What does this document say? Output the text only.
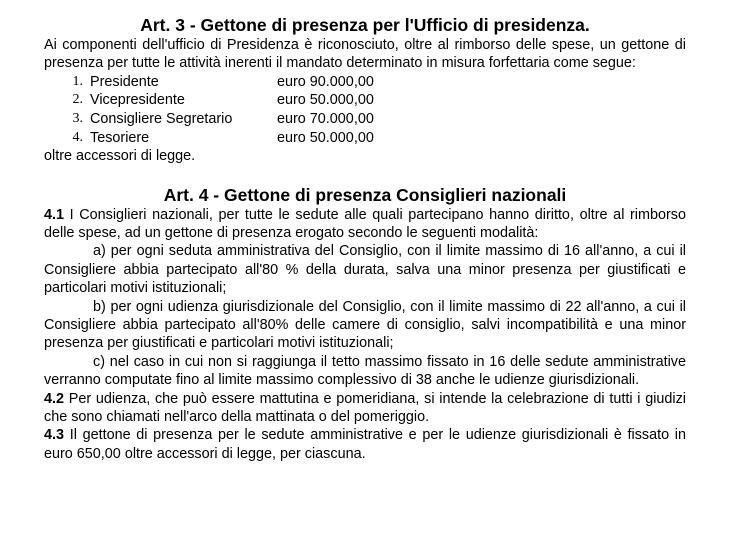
Art. 3 - Gettone di presenza per l'Ufficio di presidenza.

Ai componenti dell'ufficio di Presidenza è riconosciuto, oltre al rimborso delle spese, un gettone di presenza per tutte le attività inerenti il mandato determinato in misura forfettaria come segue:

1. Presidente	euro 90.000,00
2. Vicepresidente	euro 50.000,00
3. Consigliere Segretario	euro 70.000,00
4. Tesoriere	euro 50.000,00

oltre accessori di legge.

Art. 4 - Gettone di presenza Consiglieri nazionali

4.1 I Consiglieri nazionali, per tutte le sedute alle quali partecipano hanno diritto, oltre al rimborso delle spese, ad un gettone di presenza erogato secondo le seguenti modalità:

a) per ogni seduta amministrativa del Consiglio, con il limite massimo di 16 all'anno, a cui il Consigliere abbia partecipato all'80 % della durata, salva una minor presenza per giustificati e particolari motivi istituzionali;

b) per ogni udienza giurisdizionale del Consiglio, con il limite massimo di 22 all'anno, a cui il Consigliere abbia partecipato all'80% delle camere di consiglio, salvi incompatibilità e una minor presenza per giustificati e particolari motivi istituzionali;

c) nel caso in cui non si raggiunga il tetto massimo fissato in 16 delle sedute amministrative verranno computate fino al limite massimo complessivo di 38 anche le udienze giurisdizionali.

4.2 Per udienza, che può essere mattutina e pomeridiana, si intende la celebrazione di tutti i giudizi che sono chiamati nell'arco della mattinata o del pomeriggio.

4.3 Il gettone di presenza per le sedute amministrative e per le udienze giurisdizionali è fissato in euro 650,00 oltre accessori di legge, per ciascuna.
